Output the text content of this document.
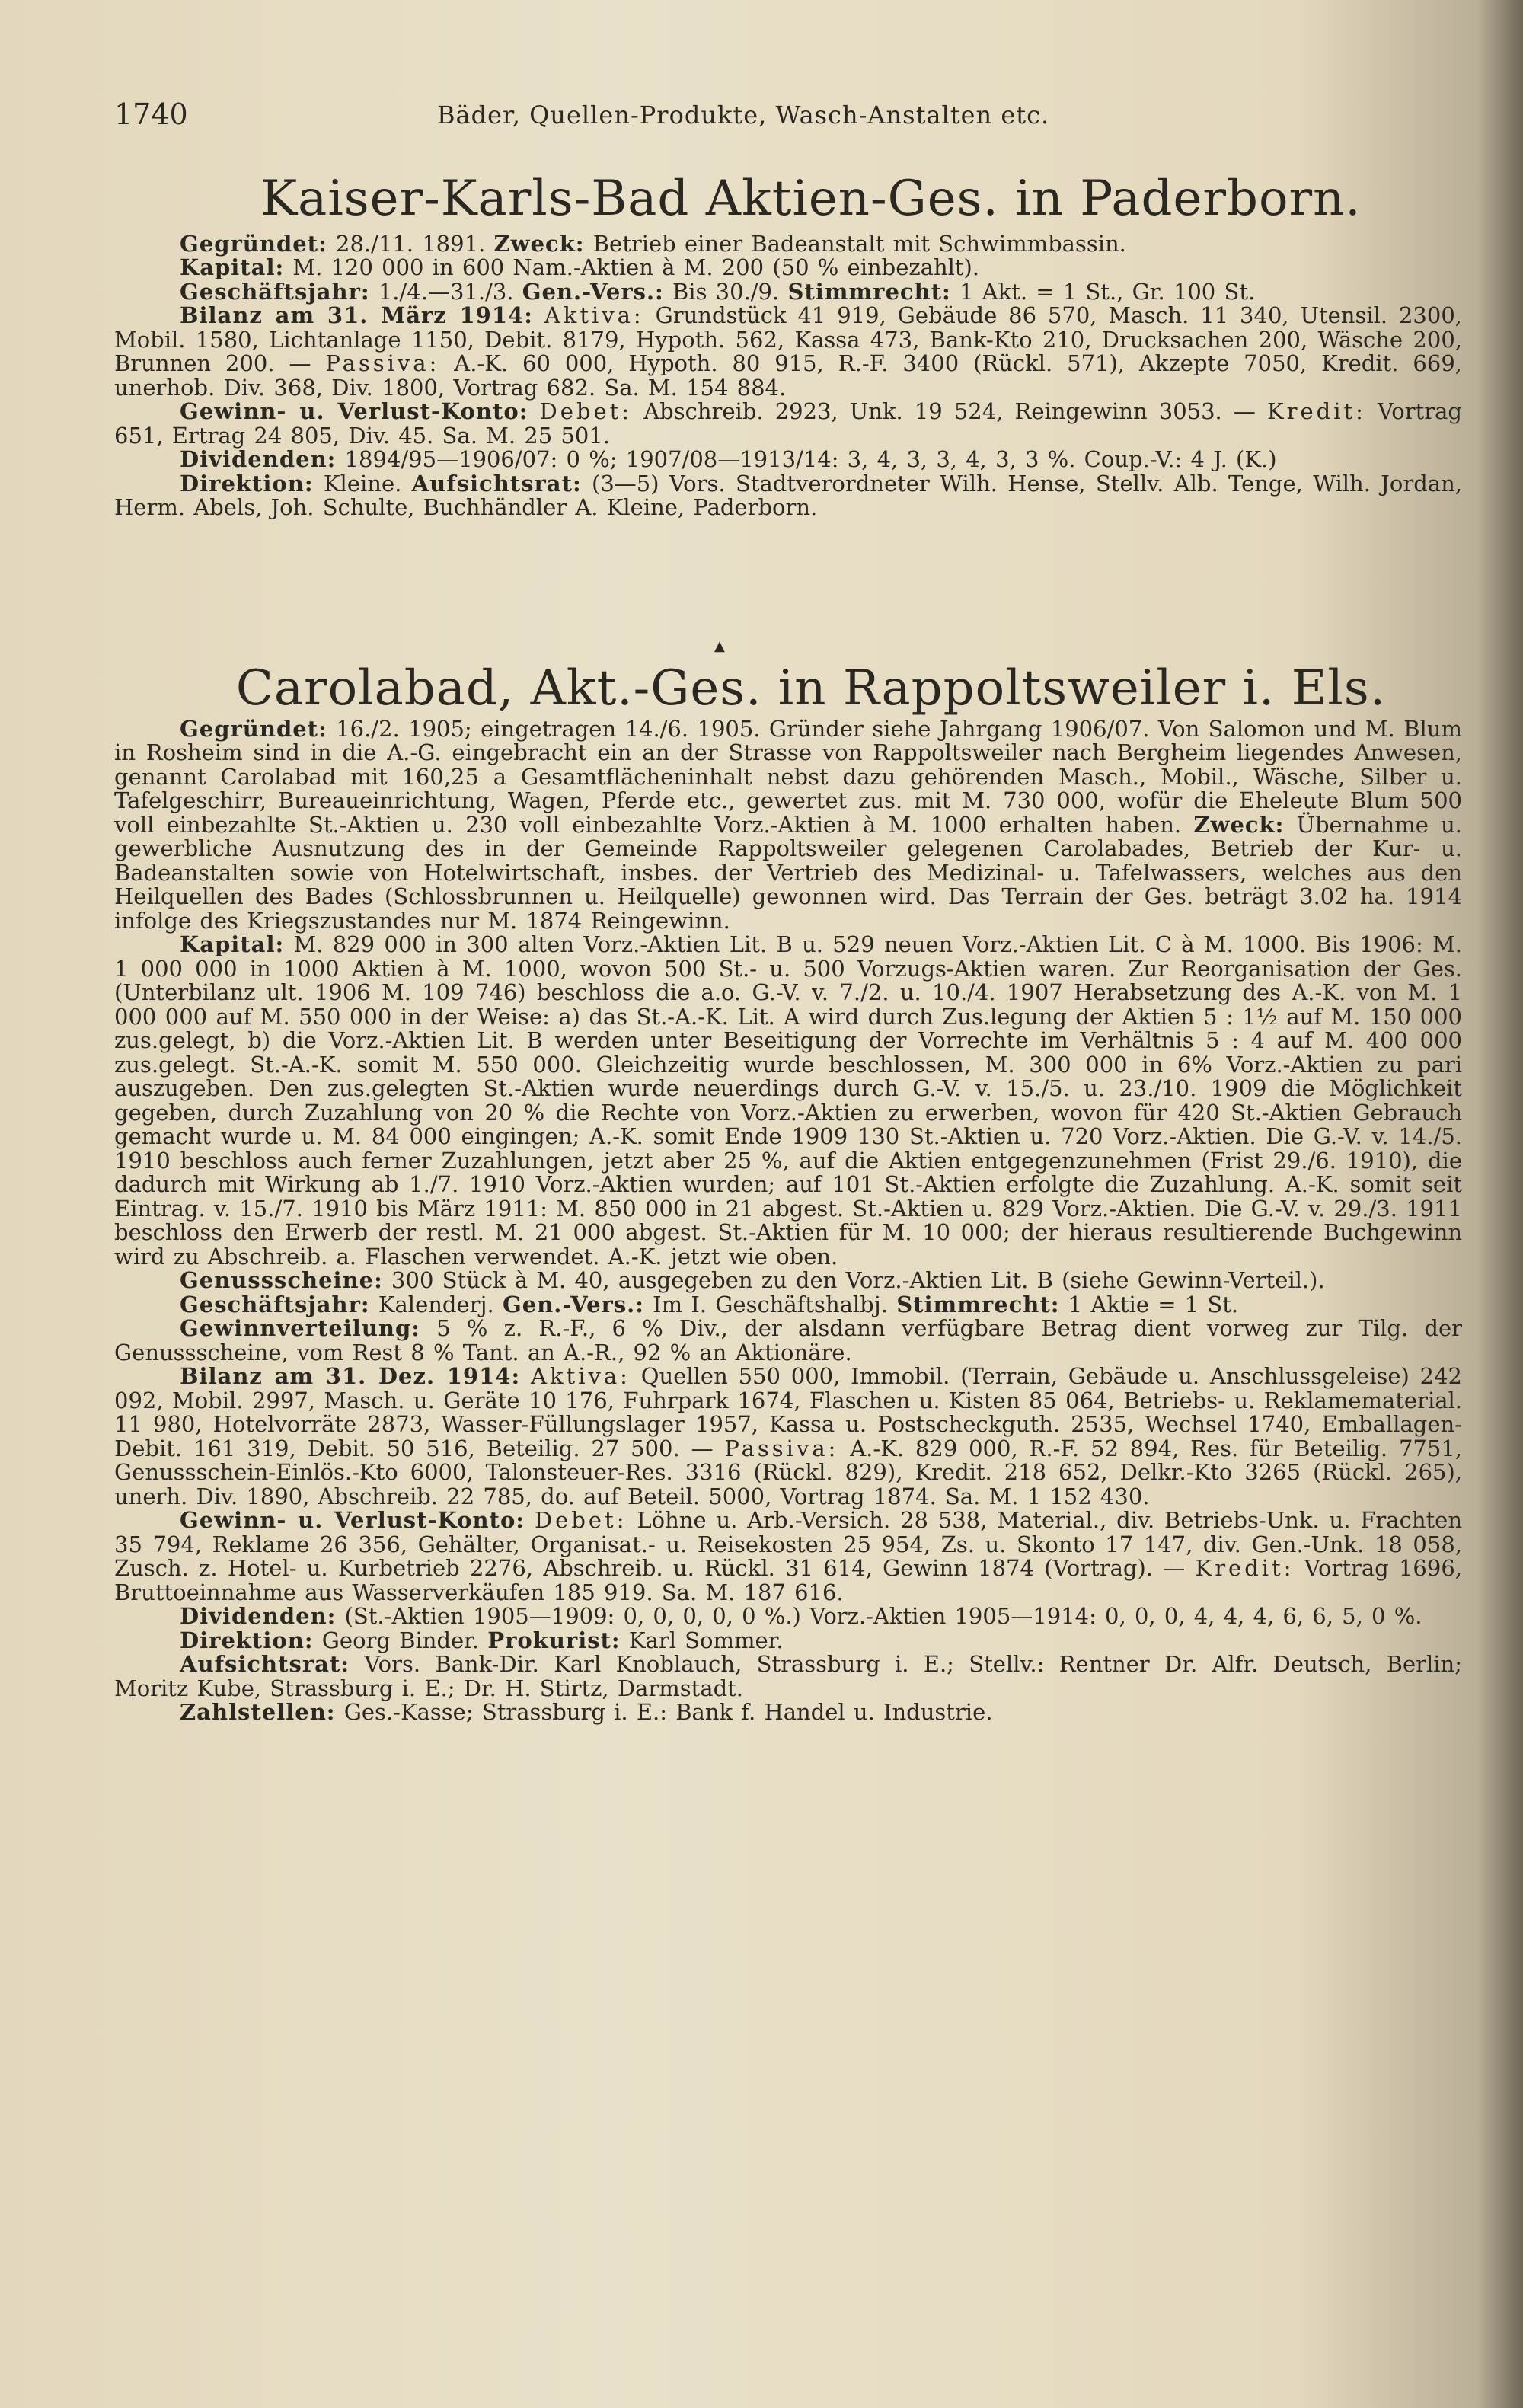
1740	Bäder, Quellen-Produkte, Wasch-Anstalten etc.
Kaiser-Karls-Bad Aktien-Ges. in Paderborn.

Gegründet: 28./11. 1891. Zweck: Betrieb einer Badeanstalt mit Schwimmbassin.

Kapital: M. 120 000 in 600 Nam.-Aktien à M. 200 (50 % einbezahlt).

Geschäftsjahr: 1./4.—31./3. Gen.-Vers.: Bis 30./9. Stimmrecht: 1 Akt. = 1 St., Gr. 100 St.

Bilanz am 31. März 1914: Aktiva: Grundstück 41 919, Gebäude 86 570, Masch. 11 340, Utensil. 2300, Mobil. 1580, Lichtanlage 1150, Debit. 8179, Hypoth. 562, Kassa 473, Bank-Kto 210, Drucksachen 200, Wäsche 200, Brunnen 200. — Passiva: A.-K. 60 000, Hypoth. 80 915, R.-F. 3400 (Rückl. 571), Akzepte 7050, Kredit. 669, unerhob. Div. 368, Div. 1800, Vortrag 682. Sa. M. 154 884.

Gewinn- u. Verlust-Konto: Debet: Abschreib. 2923, Unk. 19 524, Reingewinn 3053. — Kredit: Vortrag 651, Ertrag 24 805, Div. 45. Sa. M. 25 501.

Dividenden: 1894/95—1906/07: 0 %; 1907/08—1913/14: 3, 4, 3, 3, 4, 3, 3 %. Coup.-V.: 4 J. (K.)

Direktion: Kleine. Aufsichtsrat: (3—5) Vors. Stadtverordneter Wilh. Hense, Stellv. Alb. Tenge, Wilh. Jordan, Herm. Abels, Joh. Schulte, Buchhändler A. Kleine, Paderborn.

▲
Carolabad, Akt.-Ges. in Rappoltsweiler i. Els.

Gegründet: 16./2. 1905; eingetragen 14./6. 1905. Gründer siehe Jahrgang 1906/07. Von Salomon und M. Blum in Rosheim sind in die A.-G. eingebracht ein an der Strasse von Rappoltsweiler nach Bergheim liegendes Anwesen, genannt Carolabad mit 160,25 a Gesamtflächeninhalt nebst dazu gehörenden Masch., Mobil., Wäsche, Silber u. Tafelgeschirr, Bureaueinrichtung, Wagen, Pferde etc., gewertet zus. mit M. 730 000, wofür die Eheleute Blum 500 voll einbezahlte St.-Aktien u. 230 voll einbezahlte Vorz.-Aktien à M. 1000 erhalten haben. Zweck: Übernahme u. gewerbliche Ausnutzung des in der Gemeinde Rappoltsweiler gelegenen Carolabades, Betrieb der Kur- u. Badeanstalten sowie von Hotelwirtschaft, insbes. der Vertrieb des Medizinal- u. Tafelwassers, welches aus den Heilquellen des Bades (Schlossbrunnen u. Heilquelle) gewonnen wird. Das Terrain der Ges. beträgt 3.02 ha. 1914 infolge des Kriegszustandes nur M. 1874 Reingewinn.

Kapital: M. 829 000 in 300 alten Vorz.-Aktien Lit. B u. 529 neuen Vorz.-Aktien Lit. C à M. 1000. Bis 1906: M. 1 000 000 in 1000 Aktien à M. 1000, wovon 500 St.- u. 500 Vorzugs-Aktien waren. Zur Reorganisation der Ges. (Unterbilanz ult. 1906 M. 109 746) beschloss die a.o. G.-V. v. 7./2. u. 10./4. 1907 Herabsetzung des A.-K. von M. 1 000 000 auf M. 550 000 in der Weise: a) das St.-A.-K. Lit. A wird durch Zus.legung der Aktien 5 : 1½ auf M. 150 000 zus.gelegt, b) die Vorz.-Aktien Lit. B werden unter Beseitigung der Vorrechte im Verhältnis 5 : 4 auf M. 400 000 zus.gelegt. St.-A.-K. somit M. 550 000. Gleichzeitig wurde beschlossen, M. 300 000 in 6% Vorz.-Aktien zu pari auszugeben. Den zus.gelegten St.-Aktien wurde neuerdings durch G.-V. v. 15./5. u. 23./10. 1909 die Möglichkeit gegeben, durch Zuzahlung von 20 % die Rechte von Vorz.-Aktien zu erwerben, wovon für 420 St.-Aktien Gebrauch gemacht wurde u. M. 84 000 eingingen; A.-K. somit Ende 1909 130 St.-Aktien u. 720 Vorz.-Aktien. Die G.-V. v. 14./5. 1910 beschloss auch ferner Zuzahlungen, jetzt aber 25 %, auf die Aktien entgegenzunehmen (Frist 29./6. 1910), die dadurch mit Wirkung ab 1./7. 1910 Vorz.-Aktien wurden; auf 101 St.-Aktien erfolgte die Zuzahlung. A.-K. somit seit Eintrag. v. 15./7. 1910 bis März 1911: M. 850 000 in 21 abgest. St.-Aktien u. 829 Vorz.-Aktien. Die G.-V. v. 29./3. 1911 beschloss den Erwerb der restl. M. 21 000 abgest. St.-Aktien für M. 10 000; der hieraus resultierende Buchgewinn wird zu Abschreib. a. Flaschen verwendet. A.-K. jetzt wie oben.

Genussscheine: 300 Stück à M. 40, ausgegeben zu den Vorz.-Aktien Lit. B (siehe Gewinn-Verteil.).

Geschäftsjahr: Kalenderj. Gen.-Vers.: Im I. Geschäftshalbj. Stimmrecht: 1 Aktie = 1 St.

Gewinnverteilung: 5 % z. R.-F., 6 % Div., der alsdann verfügbare Betrag dient vorweg zur Tilg. der Genussscheine, vom Rest 8 % Tant. an A.-R., 92 % an Aktionäre.

Bilanz am 31. Dez. 1914: Aktiva: Quellen 550 000, Immobil. (Terrain, Gebäude u. Anschlussgeleise) 242 092, Mobil. 2997, Masch. u. Geräte 10 176, Fuhrpark 1674, Flaschen u. Kisten 85 064, Betriebs- u. Reklamematerial. 11 980, Hotelvorräte 2873, Wasser-Füllungslager 1957, Kassa u. Postscheckguth. 2535, Wechsel 1740, Emballagen-Debit. 161 319, Debit. 50 516, Beteilig. 27 500. — Passiva: A.-K. 829 000, R.-F. 52 894, Res. für Beteilig. 7751, Genussschein-Einlös.-Kto 6000, Talonsteuer-Res. 3316 (Rückl. 829), Kredit. 218 652, Delkr.-Kto 3265 (Rückl. 265), unerh. Div. 1890, Abschreib. 22 785, do. auf Beteil. 5000, Vortrag 1874. Sa. M. 1 152 430.

Gewinn- u. Verlust-Konto: Debet: Löhne u. Arb.-Versich. 28 538, Material., div. Betriebs-Unk. u. Frachten 35 794, Reklame 26 356, Gehälter, Organisat.- u. Reisekosten 25 954, Zs. u. Skonto 17 147, div. Gen.-Unk. 18 058, Zusch. z. Hotel- u. Kurbetrieb 2276, Abschreib. u. Rückl. 31 614, Gewinn 1874 (Vortrag). — Kredit: Vortrag 1696, Bruttoeinnahme aus Wasserverkäufen 185 919. Sa. M. 187 616.

Dividenden: (St.-Aktien 1905—1909: 0, 0, 0, 0, 0 %.) Vorz.-Aktien 1905—1914: 0, 0, 0, 4, 4, 4, 6, 6, 5, 0 %.

Direktion: Georg Binder. Prokurist: Karl Sommer.

Aufsichtsrat: Vors. Bank-Dir. Karl Knoblauch, Strassburg i. E.; Stellv.: Rentner Dr. Alfr. Deutsch, Berlin; Moritz Kube, Strassburg i. E.; Dr. H. Stirtz, Darmstadt.

Zahlstellen: Ges.-Kasse; Strassburg i. E.: Bank f. Handel u. Industrie.
